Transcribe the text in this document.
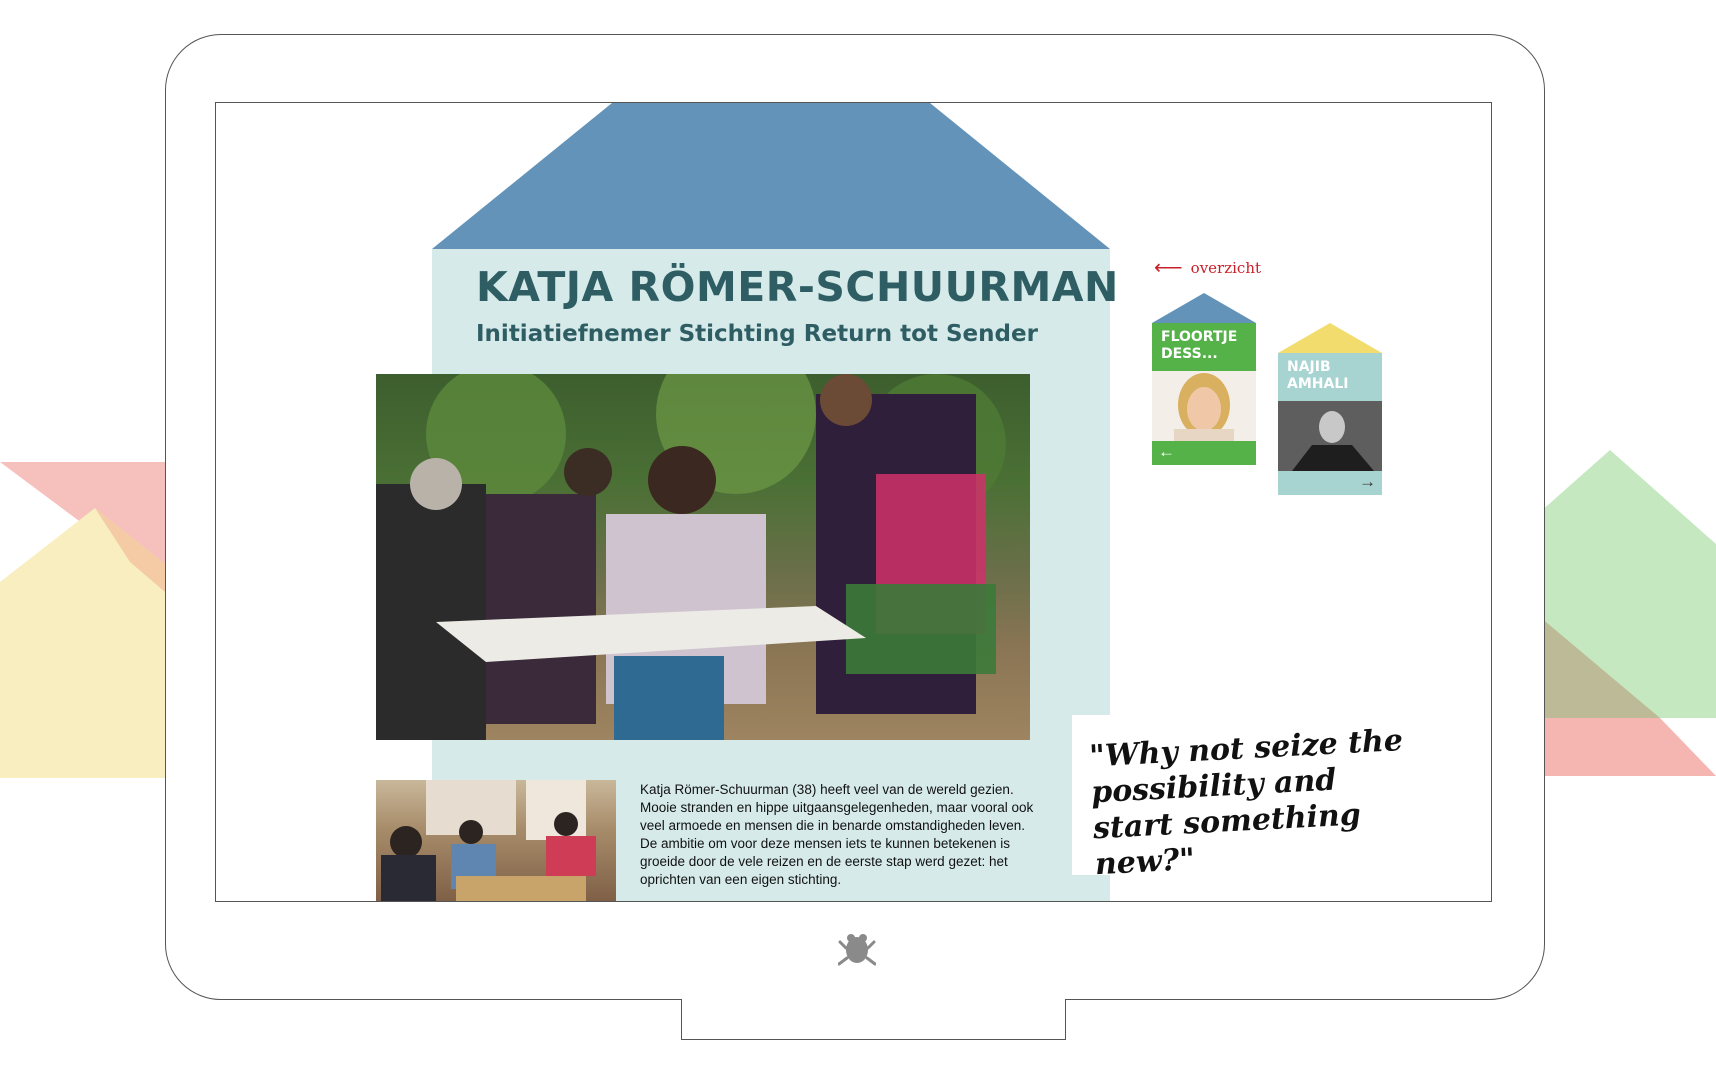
KATJA RÖMER-SCHUURMAN
Initiatiefnemer Stichting Return tot Sender

Katja Römer-Schuurman (38) heeft veel van de wereld gezien. Mooie stranden en hippe uitgaansgelegenheden, maar vooral ook veel armoede en mensen die in benarde omstandigheden leven. De ambitie om voor deze mensen iets te kunnen betekenen is groeide door de vele reizen en de eerste stap werd gezet: het oprichten van een eigen stichting.

"Why not seize the possibility and start something new?"

⟵ overzicht
FLOORTJE DESS...
←
NAJIB AMHALI
→
